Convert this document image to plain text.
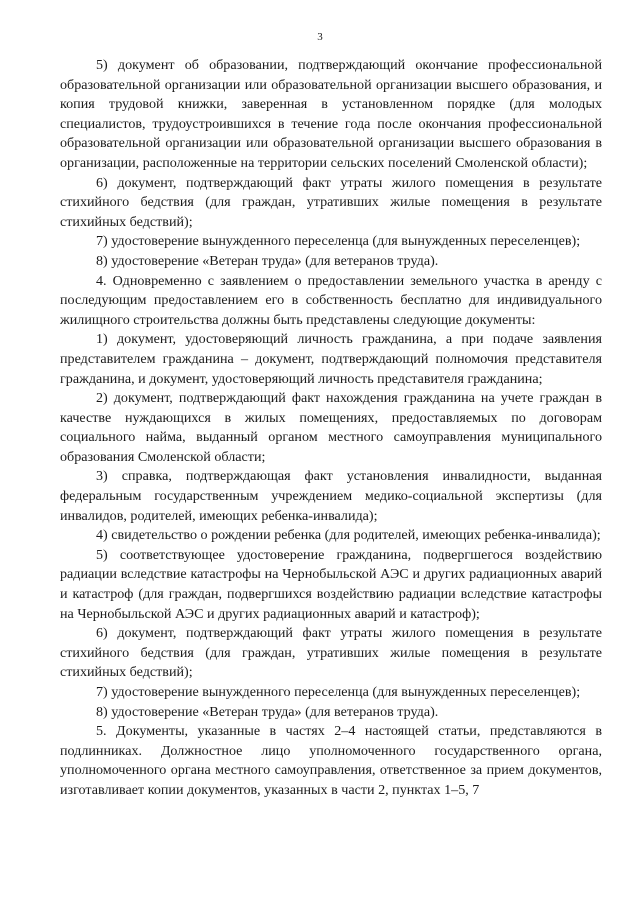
3

5) документ об образовании, подтверждающий окончание профессиональной образовательной организации или образовательной организации высшего образования, и копия трудовой книжки, заверенная в установленном порядке (для молодых специалистов, трудоустроившихся в течение года после окончания профессиональной образовательной организации или образовательной организации высшего образования в организации, расположенные на территории сельских поселений Смоленской области);

6) документ, подтверждающий факт утраты жилого помещения в результате стихийного бедствия (для граждан, утративших жилые помещения в результате стихийных бедствий);

7) удостоверение вынужденного переселенца (для вынужденных переселенцев);

8) удостоверение «Ветеран труда» (для ветеранов труда).

4. Одновременно с заявлением о предоставлении земельного участка в аренду с последующим предоставлением его в собственность бесплатно для индивидуального жилищного строительства должны быть представлены следующие документы:

1) документ, удостоверяющий личность гражданина, а при подаче заявления представителем гражданина – документ, подтверждающий полномочия представителя гражданина, и документ, удостоверяющий личность представителя гражданина;

2) документ, подтверждающий факт нахождения гражданина на учете граждан в качестве нуждающихся в жилых помещениях, предоставляемых по договорам социального найма, выданный органом местного самоуправления муниципального образования Смоленской области;

3) справка, подтверждающая факт установления инвалидности, выданная федеральным государственным учреждением медико-социальной экспертизы (для инвалидов, родителей, имеющих ребенка-инвалида);

4) свидетельство о рождении ребенка (для родителей, имеющих ребенка-инвалида);

5) соответствующее удостоверение гражданина, подвергшегося воздействию радиации вследствие катастрофы на Чернобыльской АЭС и других радиационных аварий и катастроф (для граждан, подвергшихся воздействию радиации вследствие катастрофы на Чернобыльской АЭС и других радиационных аварий и катастроф);

6) документ, подтверждающий факт утраты жилого помещения в результате стихийного бедствия (для граждан, утративших жилые помещения в результате стихийных бедствий);

7) удостоверение вынужденного переселенца (для вынужденных переселенцев);

8) удостоверение «Ветеран труда» (для ветеранов труда).

5. Документы, указанные в частях 2–4 настоящей статьи, представляются в подлинниках. Должностное лицо уполномоченного государственного органа, уполномоченного органа местного самоуправления, ответственное за прием документов, изготавливает копии документов, указанных в части 2, пунктах 1–5, 7
